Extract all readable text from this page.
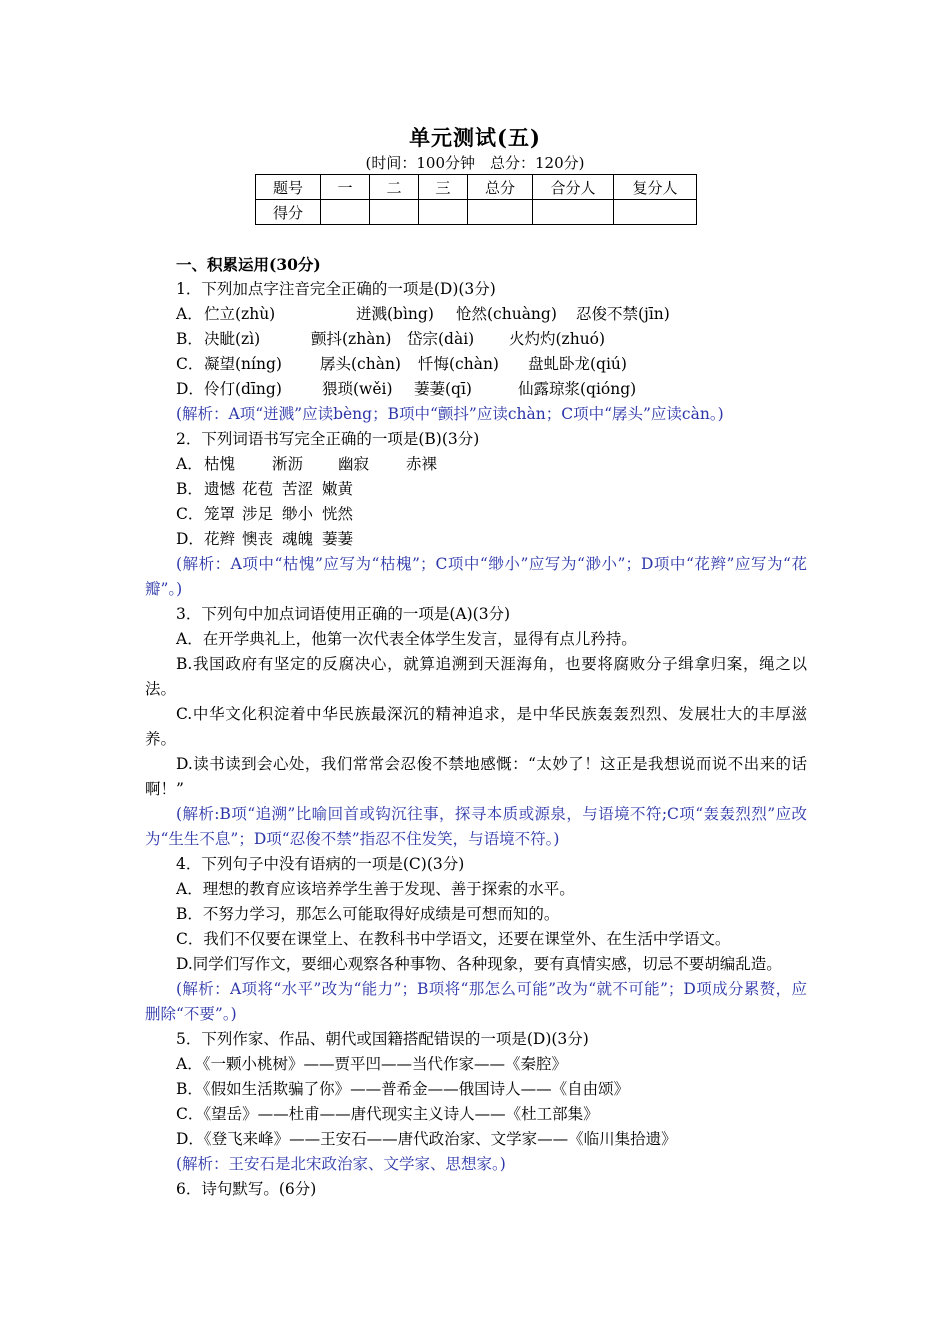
单元测试(五)
(时间：100分钟　总分：120分)
题号	一	二	三	总分	合分人	复分人
得分						
一、积累运用(30分)
1．下列加点字注音完全正确的一项是(D)(3分)
A．伫立(zhù)	迸溅(bìng) 怆然(chuàng) 忍俊不禁(jīn)
B．决眦(zì)	颤抖(zhàn) 岱宗(dài) 火灼灼(zhuó)
C．凝望(níng) 孱头(chàn) 忏悔(chàn) 盘虬卧龙(qiú)
D．伶仃(dīng)	猥琐(wěi) 萋萋(qī)	仙露琼浆(qióng)
(解析：A项“迸溅”应读bèng；B项中“颤抖”应读chàn；C项中“孱头”应读càn。)
2．下列词语书写完全正确的一项是(B)(3分)
A．枯愧 淅沥 幽寂 赤裸
B．遗憾 花苞 苦涩 嫩黄
C．笼罩 涉足 缈小 恍然
D．花辫 懊丧 魂魄 萋萋
(解析：A项中“枯愧”应写为“枯槐”；C项中“缈小”应写为“渺小”；D项中“花辫”应写为“花瓣”。)
3．下列句中加点词语使用正确的一项是(A)(3分)
A．在开学典礼上，他第一次代表全体学生发言，显得有点儿矜持。
B.我国政府有坚定的反腐决心，就算追溯到天涯海角，也要将腐败分子缉拿归案，绳之以法。
C.中华文化积淀着中华民族最深沉的精神追求，是中华民族轰轰烈烈、发展壮大的丰厚滋养。
D.读书读到会心处，我们常常会忍俊不禁地感慨：“太妙了！这正是我想说而说不出来的话啊！”
(解析:B项“追溯”比喻回首或钩沉往事，探寻本质或源泉，与语境不符;C项“轰轰烈烈”应改为“生生不息”；D项“忍俊不禁”指忍不住发笑，与语境不符。)
4．下列句子中没有语病的一项是(C)(3分)
A．理想的教育应该培养学生善于发现、善于探索的水平。
B．不努力学习，那怎么可能取得好成绩是可想而知的。
C．我们不仅要在课堂上、在教科书中学语文，还要在课堂外、在生活中学语文。
D.同学们写作文，要细心观察各种事物、各种现象，要有真情实感，切忌不要胡编乱造。
(解析：A项将“水平”改为“能力”；B项将“那怎么可能”改为“就不可能”；D项成分累赘，应删除“不要”。)
5．下列作家、作品、朝代或国籍搭配错误的一项是(D)(3分)
A．《一颗小桃树》——贾平凹——当代作家——《秦腔》
B．《假如生活欺骗了你》——普希金——俄国诗人——《自由颂》
C．《望岳》——杜甫——唐代现实主义诗人——《杜工部集》
D．《登飞来峰》——王安石——唐代政治家、文学家——《临川集拾遗》
(解析：王安石是北宋政治家、文学家、思想家。)
6．诗句默写。(6分)
